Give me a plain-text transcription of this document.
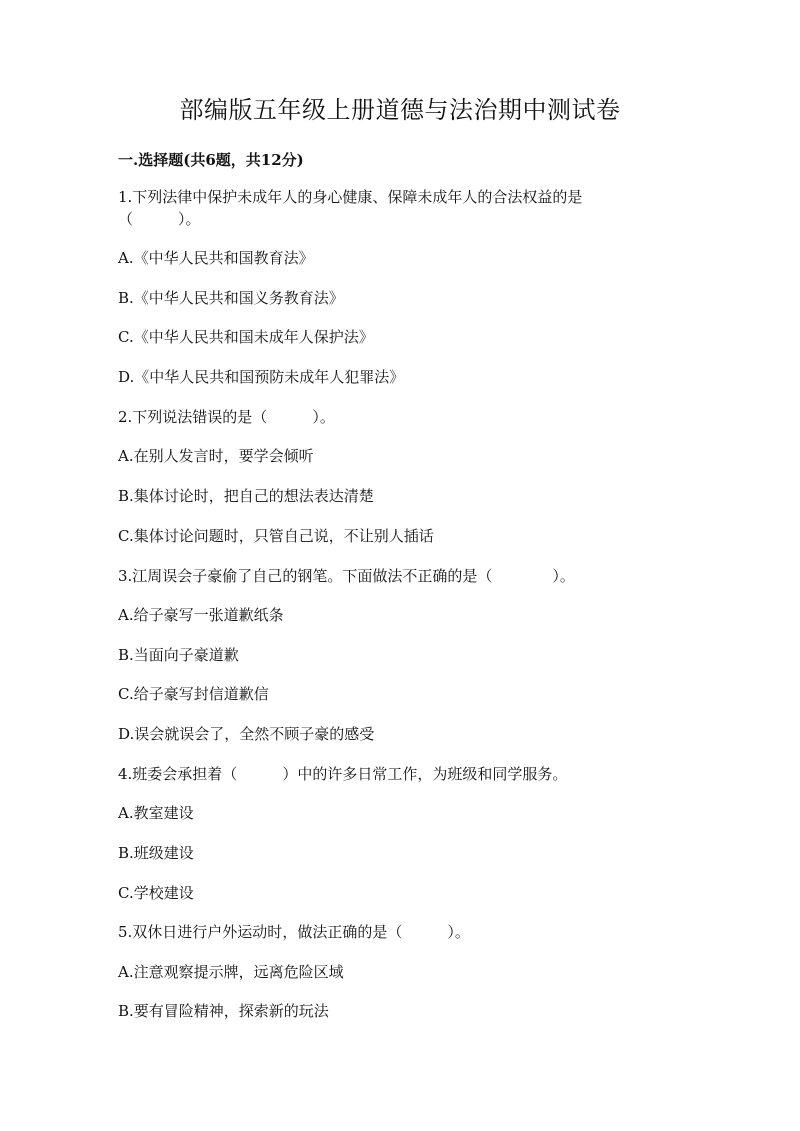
部编版五年级上册道德与法治期中测试卷
一.选择题(共6题，共12分)
1.下列法律中保护未成年人的身心健康、保障未成年人的合法权益的是
（　　　）。
A.《中华人民共和国教育法》
B.《中华人民共和国义务教育法》
C.《中华人民共和国未成年人保护法》
D.《中华人民共和国预防未成年人犯罪法》
2.下列说法错误的是（　　　）。
A.在别人发言时，要学会倾听
B.集体讨论时，把自己的想法表达清楚
C.集体讨论问题时，只管自己说，不让别人插话
3.江周误会子豪偷了自己的钢笔。下面做法不正确的是（　　　　）。
A.给子豪写一张道歉纸条
B.当面向子豪道歉
C.给子豪写封信道歉信
D.误会就误会了，全然不顾子豪的感受
4.班委会承担着（　　　）中的许多日常工作，为班级和同学服务。
A.教室建设
B.班级建设
C.学校建设
5.双休日进行户外运动时，做法正确的是（　　　）。
A.注意观察提示牌，远离危险区域
B.要有冒险精神，探索新的玩法
